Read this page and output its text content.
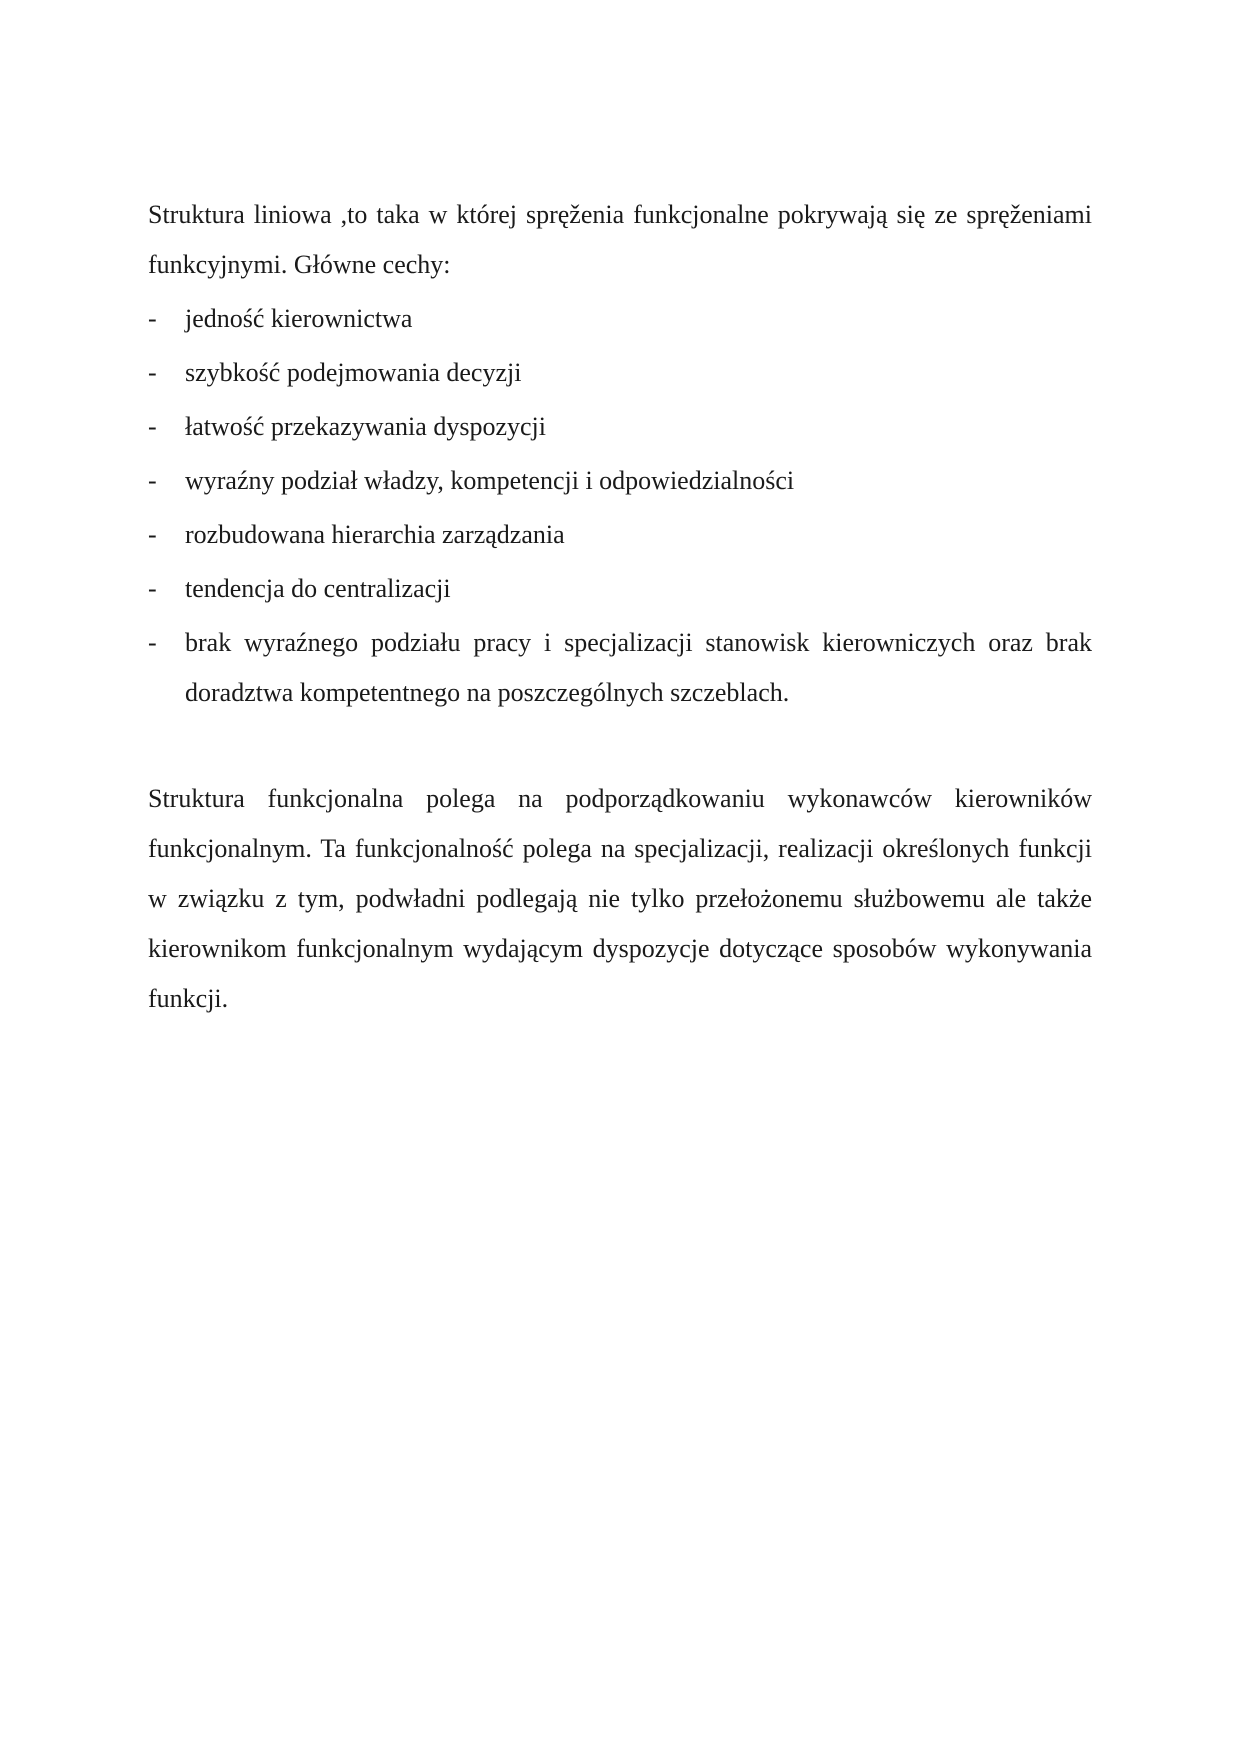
Struktura liniowa ,to taka w której spręženia funkcjonalne pokrywają się ze spręženiami funkcyjnymi. Główne cechy:

- jedność kierownictwa
- szybkość podejmowania decyzji
- łatwość przekazywania dyspozycji
- wyraźny podział władzy, kompetencji i odpowiedzialności
- rozbudowana hierarchia zarządzania
- tendencja do centralizacji
- brak wyraźnego podziału pracy i specjalizacji stanowisk kierowniczych oraz brak doradztwa kompetentnego na poszczególnych szczeblach.

Struktura funkcjonalna polega na podporządkowaniu wykonawców kierowników funkcjonalnym. Ta funkcjonalność polega na specjalizacji, realizacji określonych funkcji w związku z tym, podwładni podlegają nie tylko przełożonemu służbowemu ale także kierownikom funkcjonalnym wydającym dyspozycje dotyczące sposobów wykonywania funkcji.
